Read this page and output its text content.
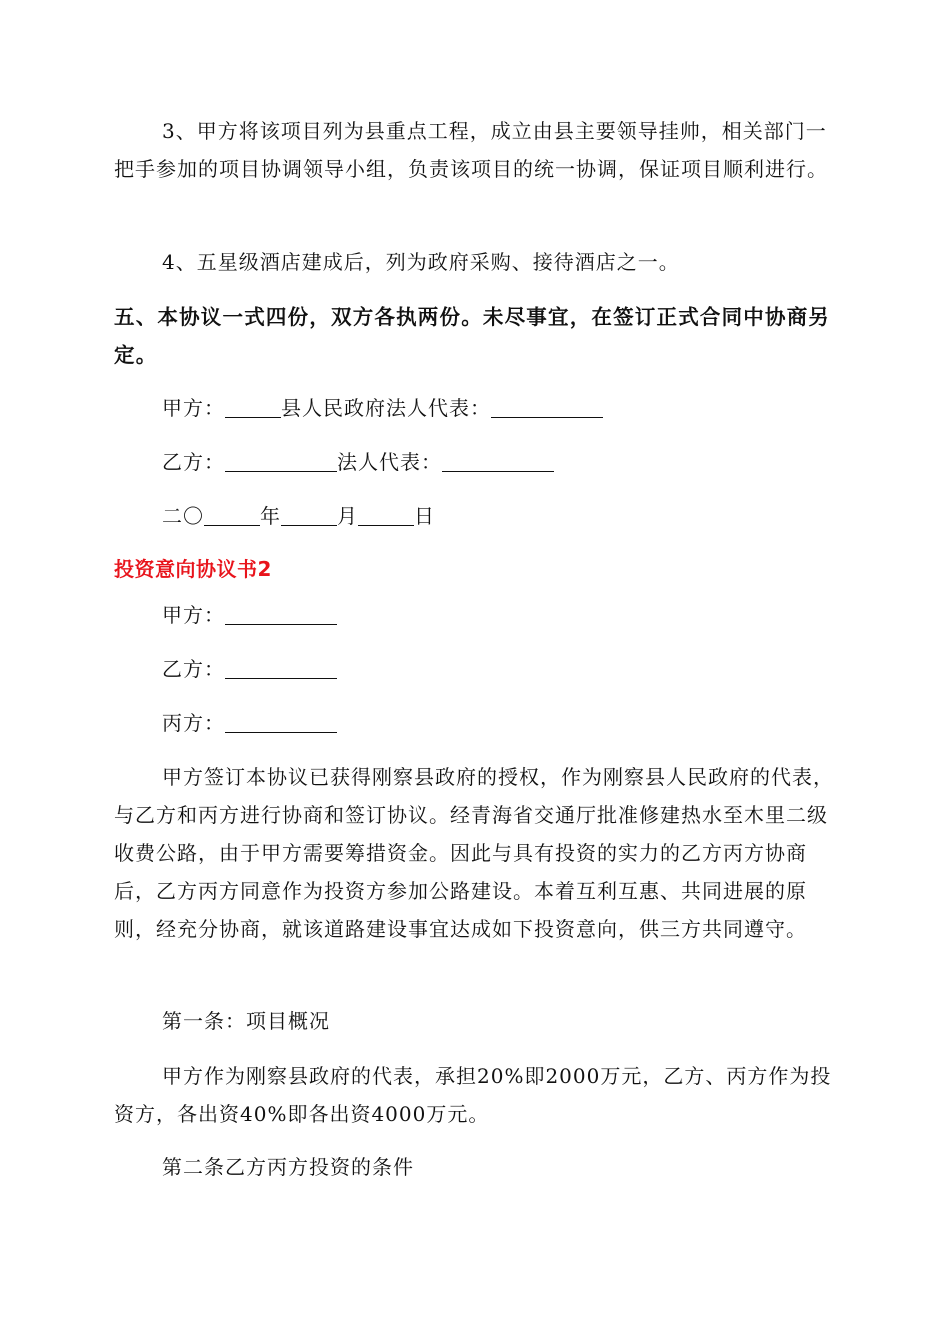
3、甲方将该项目列为县重点工程，成立由县主要领导挂帅，相关部门一把手参加的项目协调领导小组，负责该项目的统一协调，保证项目顺利进行。

4、五星级酒店建成后，列为政府采购、接待酒店之一。

五、本协议一式四份，双方各执两份。未尽事宜，在签订正式合同中协商另定。

甲方：	县人民政府法人代表：

乙方：	法人代表：

二〇	年	月	日

投资意向协议书2

甲方：

乙方：

丙方：

甲方签订本协议已获得刚察县政府的授权，作为刚察县人民政府的代表，与乙方和丙方进行协商和签订协议。经青海省交通厅批准修建热水至木里二级收费公路，由于甲方需要筹措资金。因此与具有投资的实力的乙方丙方协商后，乙方丙方同意作为投资方参加公路建设。本着互利互惠、共同进展的原则，经充分协商，就该道路建设事宜达成如下投资意向，供三方共同遵守。

第一条：项目概况

甲方作为刚察县政府的代表，承担20%即2000万元，乙方、丙方作为投资方，各出资40%即各出资4000万元。

第二条乙方丙方投资的条件
